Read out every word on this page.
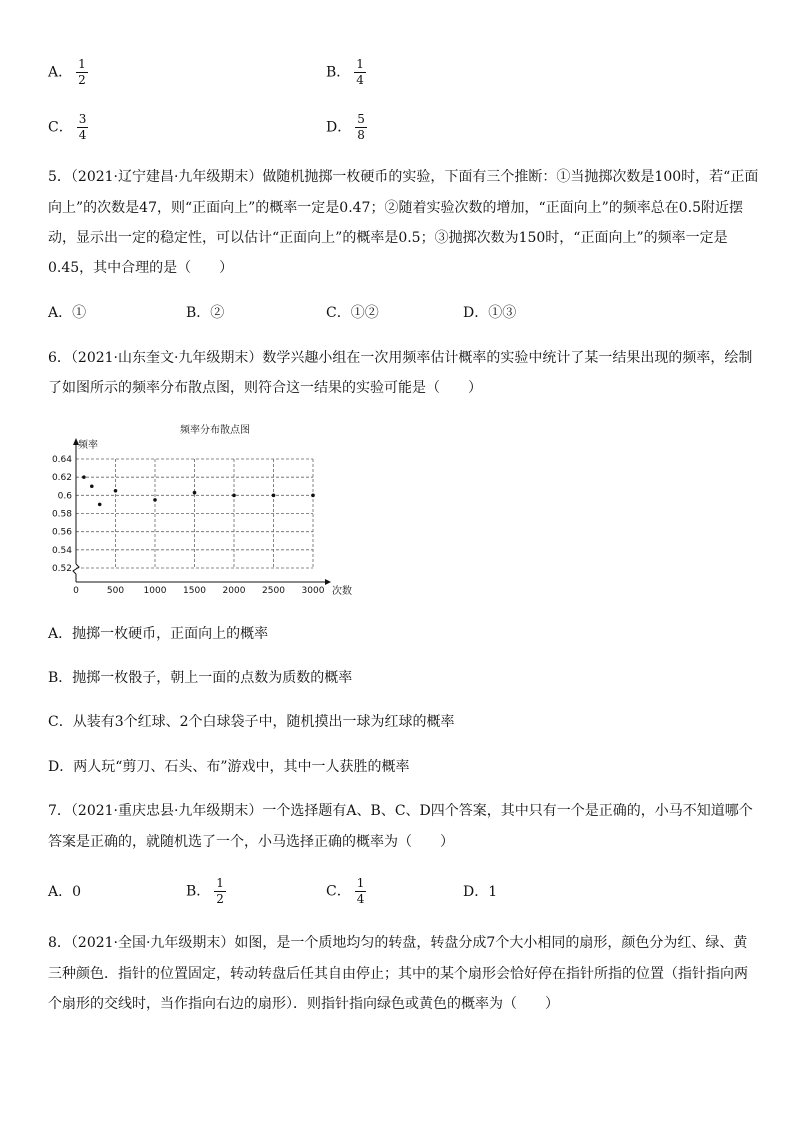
A． $\frac{1}{2}$	B． $\frac{1}{4}$
C． $\frac{3}{4}$	D． $\frac{5}{8}$
5．（2021·辽宁建昌·九年级期末）做随机抛掷一枚硬币的实验，下面有三个推断：①当抛掷次数是100时，若“正面
向上”的次数是47，则“正面向上”的概率一定是0.47；②随着实验次数的增加，“正面向上”的频率总在0.5附近摆
动，显示出一定的稳定性，可以估计“正面向上”的概率是0.5；③抛掷次数为150时，“正面向上”的频率一定是
0.45，其中合理的是（　　）
A．①	B．②	C．①②	D．①③
6．（2021·山东奎文·九年级期末）数学兴趣小组在一次用频率估计概率的实验中统计了某一结果出现的频率，绘制
了如图所示的频率分布散点图，则符合这一结果的实验可能是（　　）
频率分布散点图
频率
次数
0.52
0.54
0.56
0.58
0.6
0.62
0.64
0	500 1000 1500 2000 2500 3000
A．抛掷一枚硬币，正面向上的概率
B．抛掷一枚骰子，朝上一面的点数为质数的概率
C．从装有3个红球、2个白球袋子中，随机摸出一球为红球的概率
D．两人玩“剪刀、石头、布”游戏中，其中一人获胜的概率
7．（2021·重庆忠县·九年级期末）一个选择题有A、B、C、D四个答案，其中只有一个是正确的，小马不知道哪个
答案是正确的，就随机选了一个，小马选择正确的概率为（　　）
A．0	B． $\frac{1}{2}$	C． $\frac{1}{4}$	D．1
8．（2021·全国·九年级期末）如图，是一个质地均匀的转盘，转盘分成7个大小相同的扇形，颜色分为红、绿、黄
三种颜色．指针的位置固定，转动转盘后任其自由停止；其中的某个扇形会恰好停在指针所指的位置（指针指向两
个扇形的交线时，当作指向右边的扇形）．则指针指向绿色或黄色的概率为（　　）
